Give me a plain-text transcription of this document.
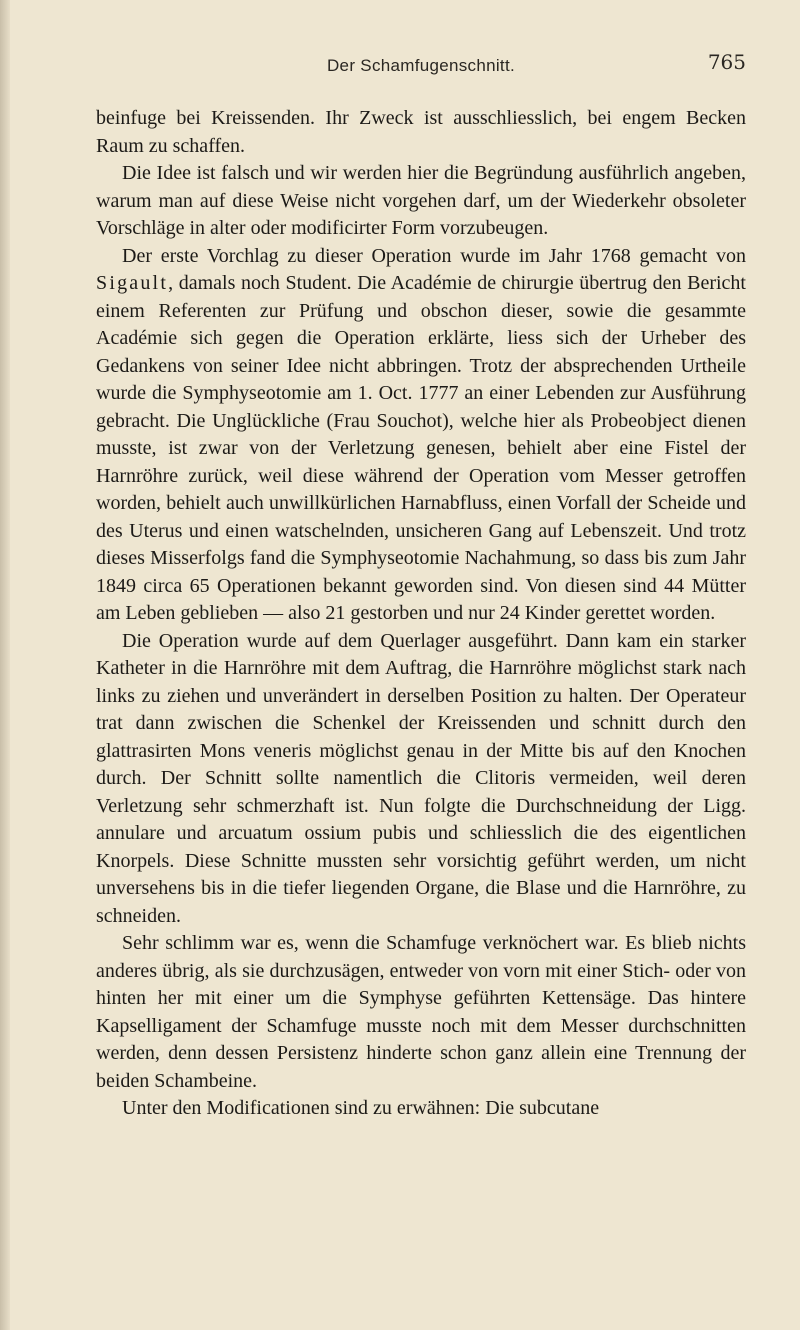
Der Schamfugenschnitt.	765

beinfuge bei Kreissenden. Ihr Zweck ist ausschliesslich, bei engem Becken Raum zu schaffen.

Die Idee ist falsch und wir werden hier die Begründung ausführlich angeben, warum man auf diese Weise nicht vorgehen darf, um der Wiederkehr obsoleter Vorschläge in alter oder modificirter Form vorzubeugen.

Der erste Vorchlag zu dieser Operation wurde im Jahr 1768 gemacht von Sigault, damals noch Student. Die Académie de chirurgie übertrug den Bericht einem Referenten zur Prüfung und obschon dieser, sowie die gesammte Académie sich gegen die Operation erklärte, liess sich der Urheber des Gedankens von seiner Idee nicht abbringen. Trotz der absprechenden Urtheile wurde die Symphyseotomie am 1. Oct. 1777 an einer Lebenden zur Ausführung gebracht. Die Unglückliche (Frau Souchot), welche hier als Probeobject dienen musste, ist zwar von der Verletzung genesen, behielt aber eine Fistel der Harnröhre zurück, weil diese während der Operation vom Messer getroffen worden, behielt auch unwillkürlichen Harnabfluss, einen Vorfall der Scheide und des Uterus und einen watschelnden, unsicheren Gang auf Lebenszeit. Und trotz dieses Misserfolgs fand die Symphyseotomie Nachahmung, so dass bis zum Jahr 1849 circa 65 Operationen bekannt geworden sind. Von diesen sind 44 Mütter am Leben geblieben — also 21 gestorben und nur 24 Kinder gerettet worden.

Die Operation wurde auf dem Querlager ausgeführt. Dann kam ein starker Katheter in die Harnröhre mit dem Auftrag, die Harnröhre möglichst stark nach links zu ziehen und unverändert in derselben Position zu halten. Der Operateur trat dann zwischen die Schenkel der Kreissenden und schnitt durch den glattrasirten Mons veneris möglichst genau in der Mitte bis auf den Knochen durch. Der Schnitt sollte namentlich die Clitoris vermeiden, weil deren Verletzung sehr schmerzhaft ist. Nun folgte die Durchschneidung der Ligg. annulare und arcuatum ossium pubis und schliesslich die des eigentlichen Knorpels. Diese Schnitte mussten sehr vorsichtig geführt werden, um nicht unversehens bis in die tiefer liegenden Organe, die Blase und die Harnröhre, zu schneiden.

Sehr schlimm war es, wenn die Schamfuge verknöchert war. Es blieb nichts anderes übrig, als sie durchzusägen, entweder von vorn mit einer Stich- oder von hinten her mit einer um die Symphyse geführten Kettensäge. Das hintere Kapselligament der Schamfuge musste noch mit dem Messer durchschnitten werden, denn dessen Persistenz hinderte schon ganz allein eine Trennung der beiden Schambeine.

Unter den Modificationen sind zu erwähnen: Die subcutane
